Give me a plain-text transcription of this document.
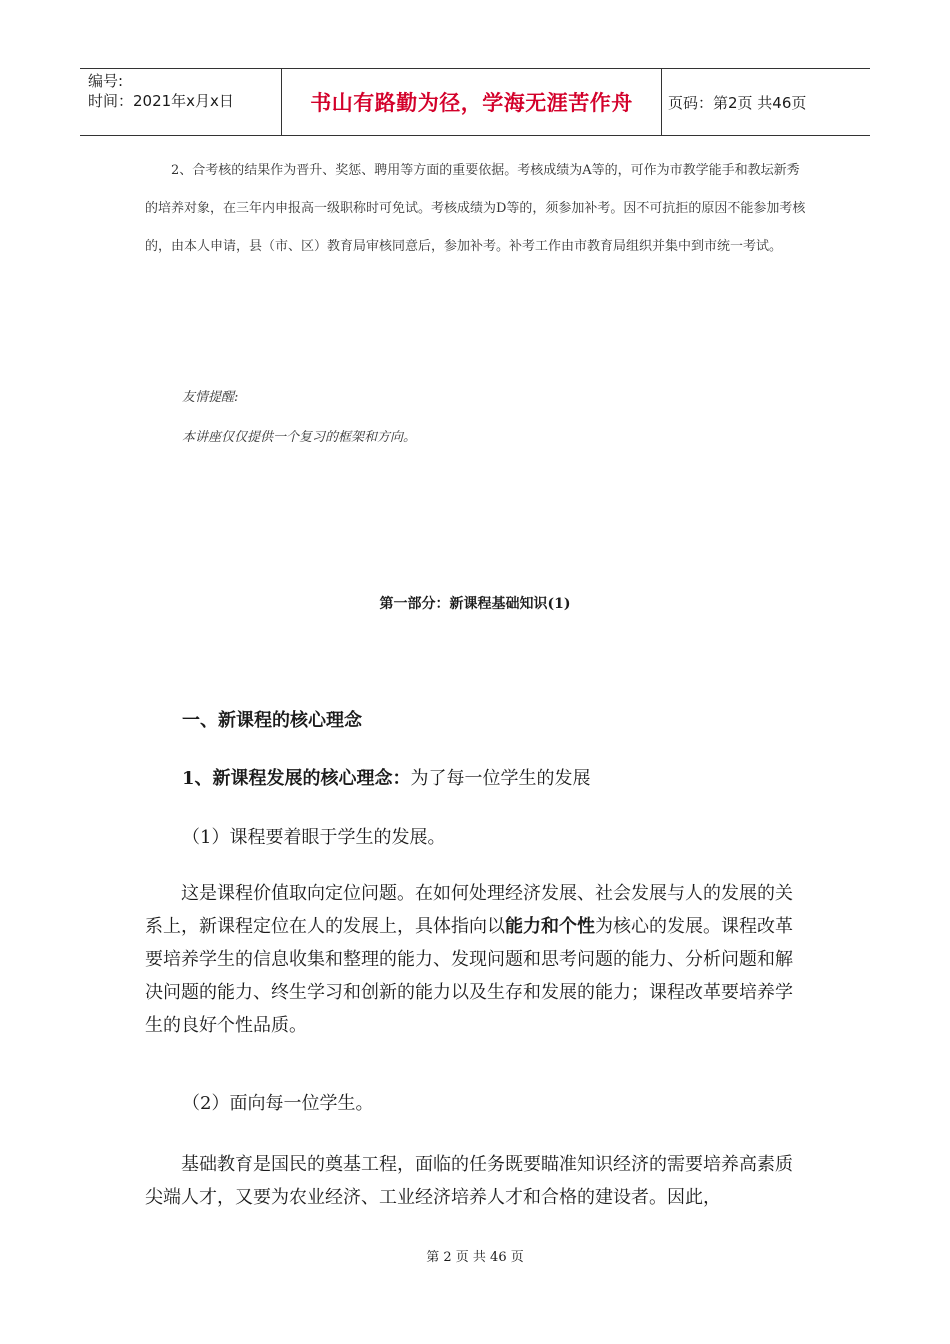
编号:
时间：2021年x月x日	书山有路勤为径，学海无涯苦作舟	页码：第2页 共46页

2、合考核的结果作为晋升、奖惩、聘用等方面的重要依据。考核成绩为A等的，可作为市教学能手和教坛新秀的培养对象，在三年内申报高一级职称时可免试。考核成绩为D等的，须参加补考。因不可抗拒的原因不能参加考核的，由本人申请，县（市、区）教育局审核同意后，参加补考。补考工作由市教育局组织并集中到市统一考试。

友情提醒:

本讲座仅仅提供一个复习的框架和方向。

第一部分：新课程基础知识(1)

一、新课程的核心理念

1、新课程发展的核心理念：为了每一位学生的发展

（1）课程要着眼于学生的发展。

这是课程价值取向定位问题。在如何处理经济发展、社会发展与人的发展的关系上，新课程定位在人的发展上，具体指向以能力和个性为核心的发展。课程改革要培养学生的信息收集和整理的能力、发现问题和思考问题的能力、分析问题和解决问题的能力、终生学习和创新的能力以及生存和发展的能力；课程改革要培养学生的良好个性品质。

（2）面向每一位学生。

基础教育是国民的奠基工程，面临的任务既要瞄准知识经济的需要培养高素质尖端人才，又要为农业经济、工业经济培养人才和合格的建设者。因此，

第 2 页 共 46 页
